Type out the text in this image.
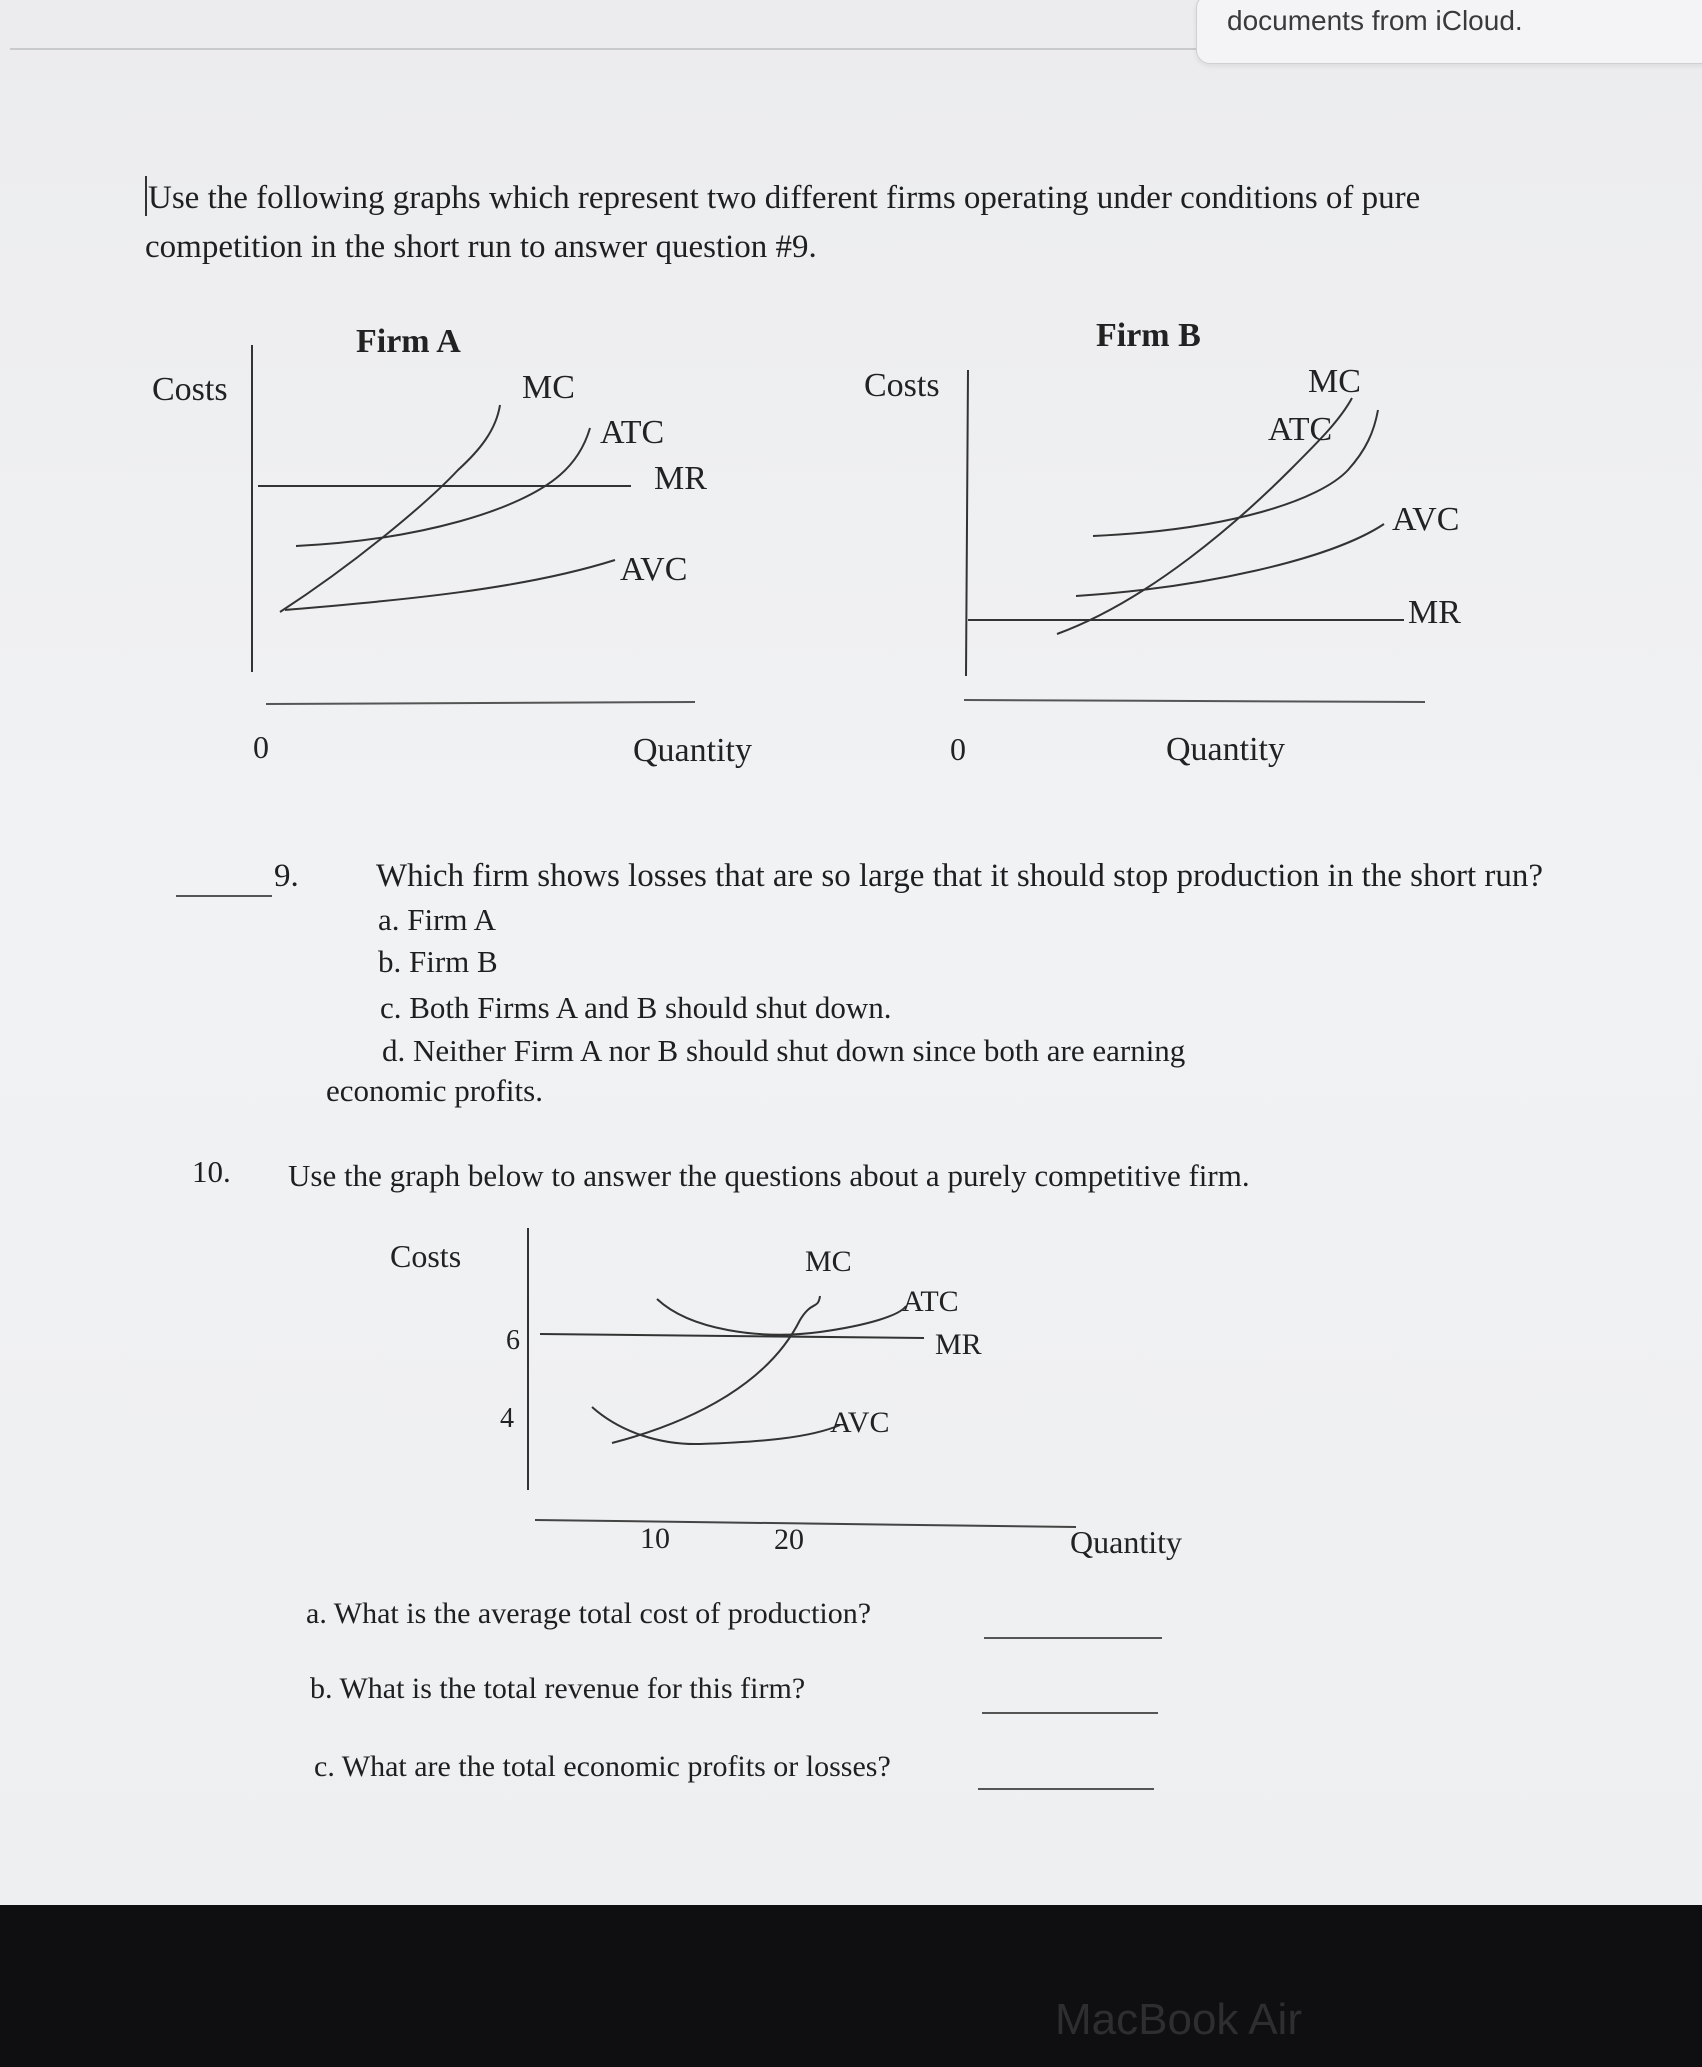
documents from iCloud.
Use the following graphs which represent two different firms operating under conditions of pure
competition in the short run to answer question #9.
Firm A
Costs
0	Quantity
MC
ATC
MR
AVC
Firm B
Costs
0	Quantity
MC
ATC
AVC
MR
Costs
6
4
10	20	Quantity
MC
ATC
MR
AVC
9. Which firm shows losses that are so large that it should stop production in the short run?
a. Firm A
b. Firm B
c. Both Firms A and B should shut down.
d. Neither Firm A nor B should shut down since both are earning
economic profits.
10. Use the graph below to answer the questions about a purely competitive firm.
a. What is the average total cost of production?
b. What is the total revenue for this firm?
c. What are the total economic profits or losses?
MacBook Air
